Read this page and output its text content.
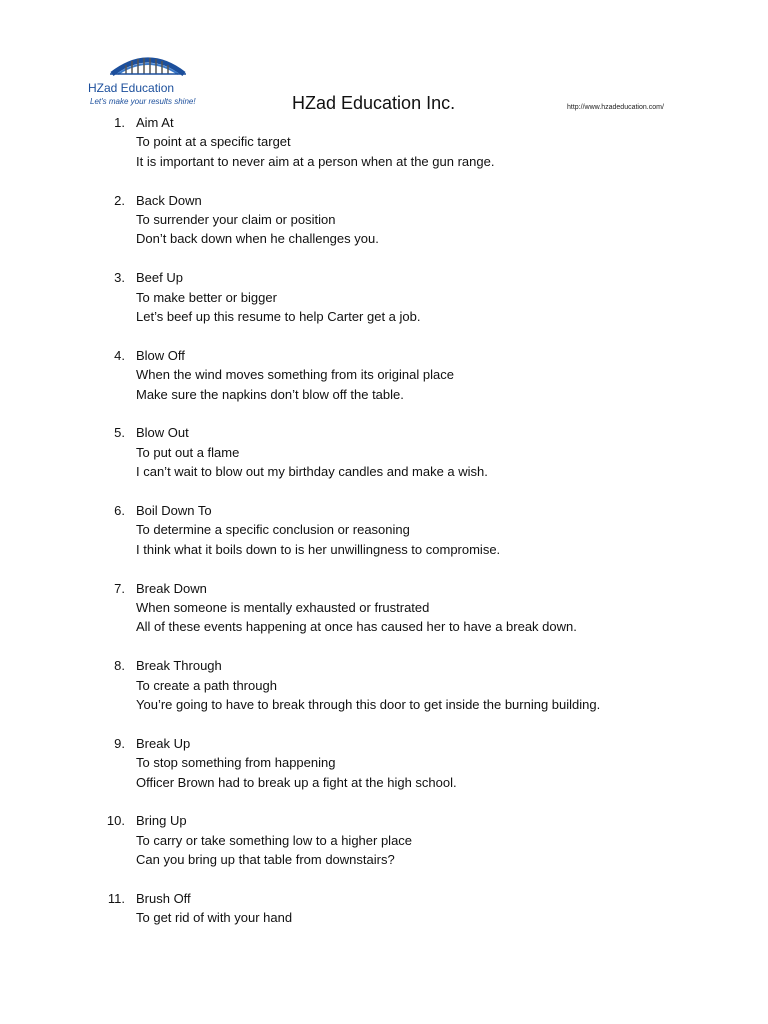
HZad Education
Let's make your results shine!	HZad Education Inc.	http://www.hzadeducation.com/
1. Aim At
To point at a specific target
It is important to never aim at a person when at the gun range.
2. Back Down
To surrender your claim or position
Don’t back down when he challenges you.
3. Beef Up
To make better or bigger
Let’s beef up this resume to help Carter get a job.
4. Blow Off
When the wind moves something from its original place
Make sure the napkins don’t blow off the table.
5. Blow Out
To put out a flame
I can’t wait to blow out my birthday candles and make a wish.
6. Boil Down To
To determine a specific conclusion or reasoning
I think what it boils down to is her unwillingness to compromise.
7. Break Down
When someone is mentally exhausted or frustrated
All of these events happening at once has caused her to have a break down.
8. Break Through
To create a path through
You’re going to have to break through this door to get inside the burning building.
9. Break Up
To stop something from happening
Officer Brown had to break up a fight at the high school.
10. Bring Up
To carry or take something low to a higher place
Can you bring up that table from downstairs?
11. Brush Off
To get rid of with your hand
